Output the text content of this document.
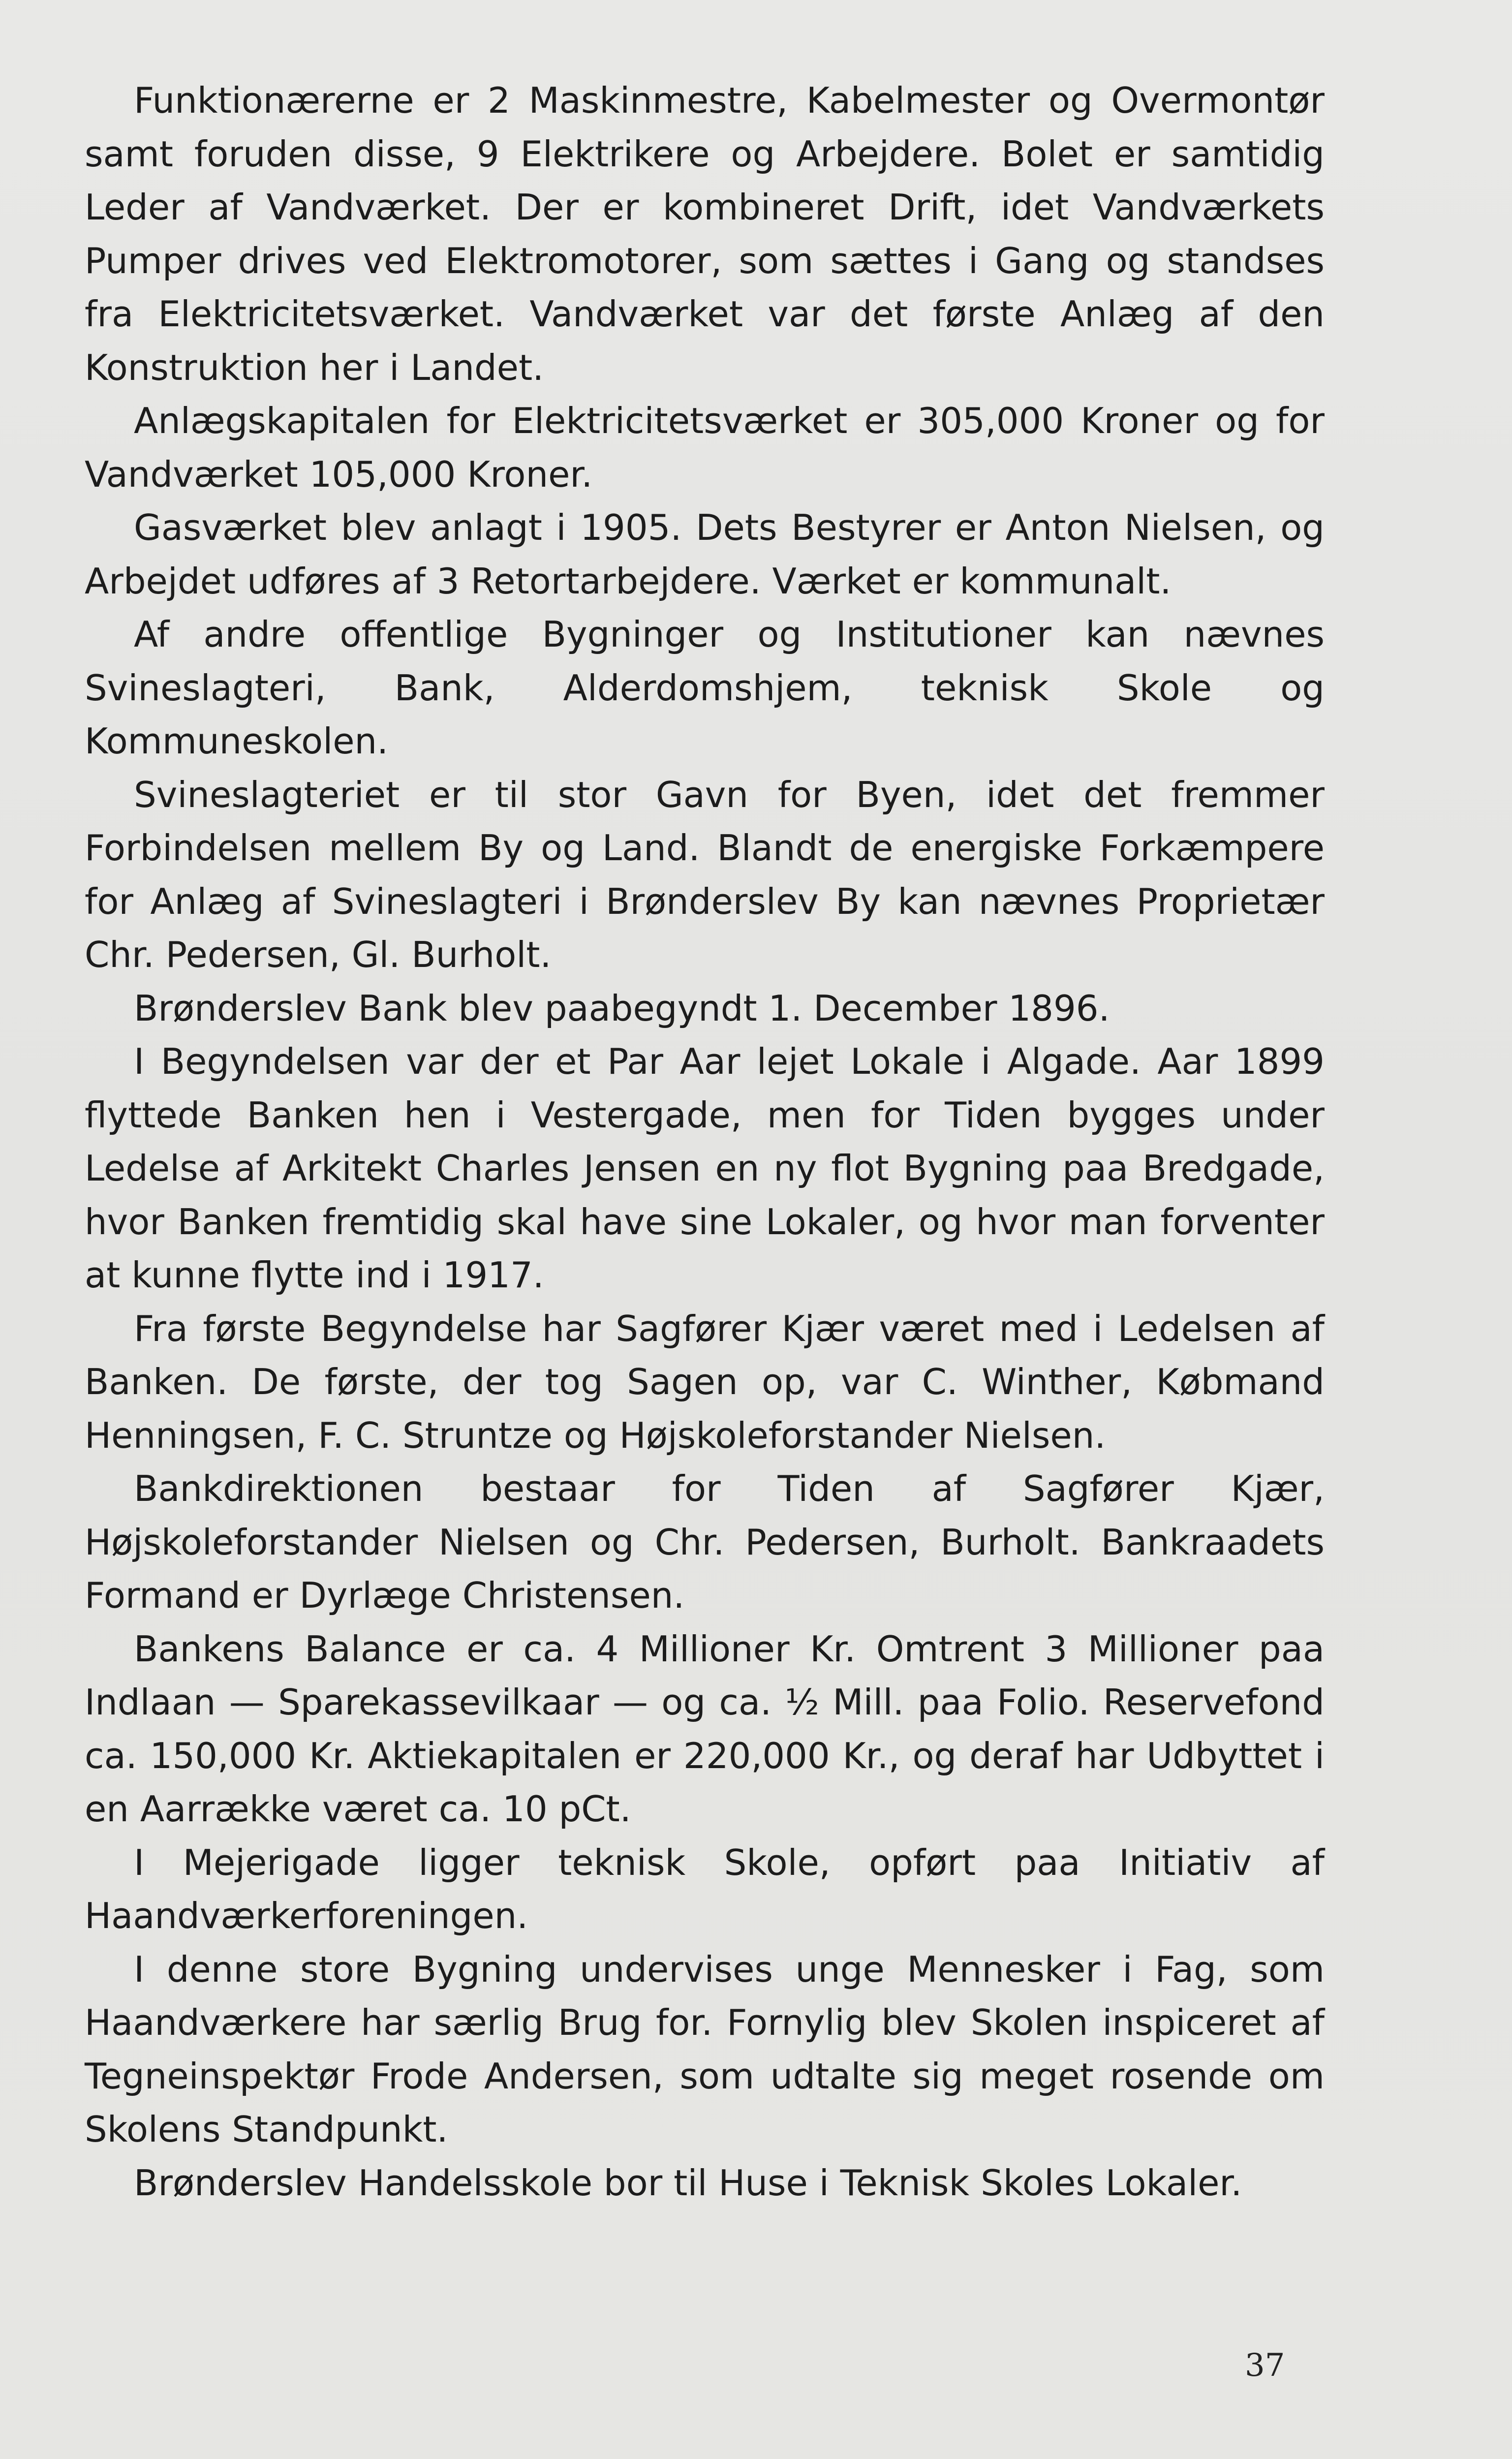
Funktionærerne er 2 Maskinmestre, Kabelmester og Overmontør samt foruden disse, 9 Elektrikere og Arbejdere. Bolet er samtidig Leder af Vandværket. Der er kombineret Drift, idet Vandværkets Pumper drives ved Elektromotorer, som sættes i Gang og standses fra Elektricitetsværket. Vandværket var det første Anlæg af den Konstruktion her i Landet.

Anlægskapitalen for Elektricitetsværket er 305,000 Kroner og for Vandværket 105,000 Kroner.

Gasværket blev anlagt i 1905. Dets Bestyrer er Anton Nielsen, og Arbejdet udføres af 3 Retortarbejdere. Værket er kommunalt.

Af andre offentlige Bygninger og Institutioner kan nævnes Svineslagteri, Bank, Alderdomshjem, teknisk Skole og Kommuneskolen.

Svineslagteriet er til stor Gavn for Byen, idet det fremmer Forbindelsen mellem By og Land. Blandt de energiske Forkæmpere for Anlæg af Svineslagteri i Brønderslev By kan nævnes Proprietær Chr. Pedersen, Gl. Burholt.

Brønderslev Bank blev paabegyndt 1. December 1896.

I Begyndelsen var der et Par Aar lejet Lokale i Algade. Aar 1899 flyttede Banken hen i Vestergade, men for Tiden bygges under Ledelse af Arkitekt Charles Jensen en ny flot Bygning paa Bredgade, hvor Banken fremtidig skal have sine Lokaler, og hvor man forventer at kunne flytte ind i 1917.

Fra første Begyndelse har Sagfører Kjær været med i Ledelsen af Banken. De første, der tog Sagen op, var C. Winther, Købmand Henningsen, F. C. Struntze og Højskoleforstander Nielsen.

Bankdirektionen bestaar for Tiden af Sagfører Kjær, Højskoleforstander Nielsen og Chr. Pedersen, Burholt. Bankraadets Formand er Dyrlæge Christensen.

Bankens Balance er ca. 4 Millioner Kr. Omtrent 3 Millioner paa Indlaan — Sparekassevilkaar — og ca. ½ Mill. paa Folio. Reservefond ca. 150,000 Kr. Aktiekapitalen er 220,000 Kr., og deraf har Udbyttet i en Aarrække været ca. 10 pCt.

I Mejerigade ligger teknisk Skole, opført paa Initiativ af Haandværkerforeningen.

I denne store Bygning undervises unge Mennesker i Fag, som Haandværkere har særlig Brug for. Fornylig blev Skolen inspiceret af Tegneinspektør Frode Andersen, som udtalte sig meget rosende om Skolens Standpunkt.

Brønderslev Handelsskole bor til Huse i Teknisk Skoles Lokaler.

37
